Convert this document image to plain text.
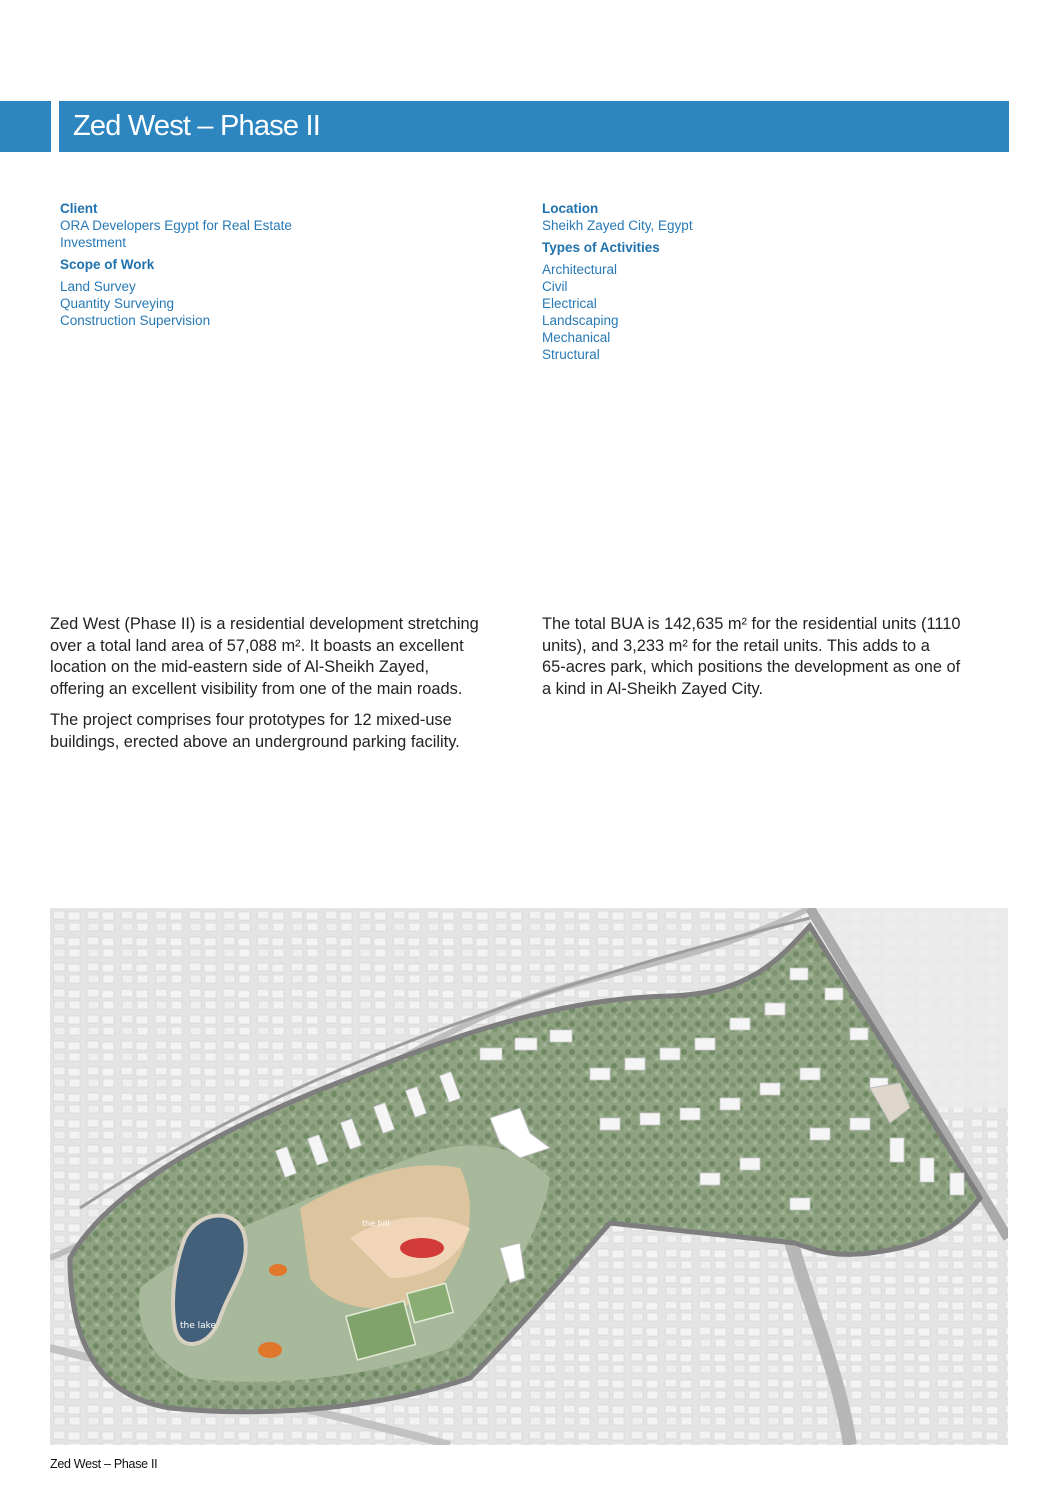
Zed West – Phase II
Client
ORA Developers Egypt for Real Estate
Investment
Scope of Work
Land Survey
Quantity Surveying
Construction Supervision
Location
Sheikh Zayed City, Egypt
Types of Activities
Architectural
Civil
Electrical
Landscaping
Mechanical
Structural

Zed West (Phase II) is a residential development stretching
over a total land area of 57,088 m². It boasts an excellent
location on the mid-eastern side of Al-Sheikh Zayed,
offering an excellent visibility from one of the main roads.

The project comprises four prototypes for 12 mixed-use
buildings, erected above an underground parking facility.

The total BUA is 142,635 m² for the residential units (1110
units), and 3,233 m² for the retail units. This adds to a
65-acres park, which positions the development as one of
a kind in Al-Sheikh Zayed City.

the lake
the hill
Zed West – Phase II
